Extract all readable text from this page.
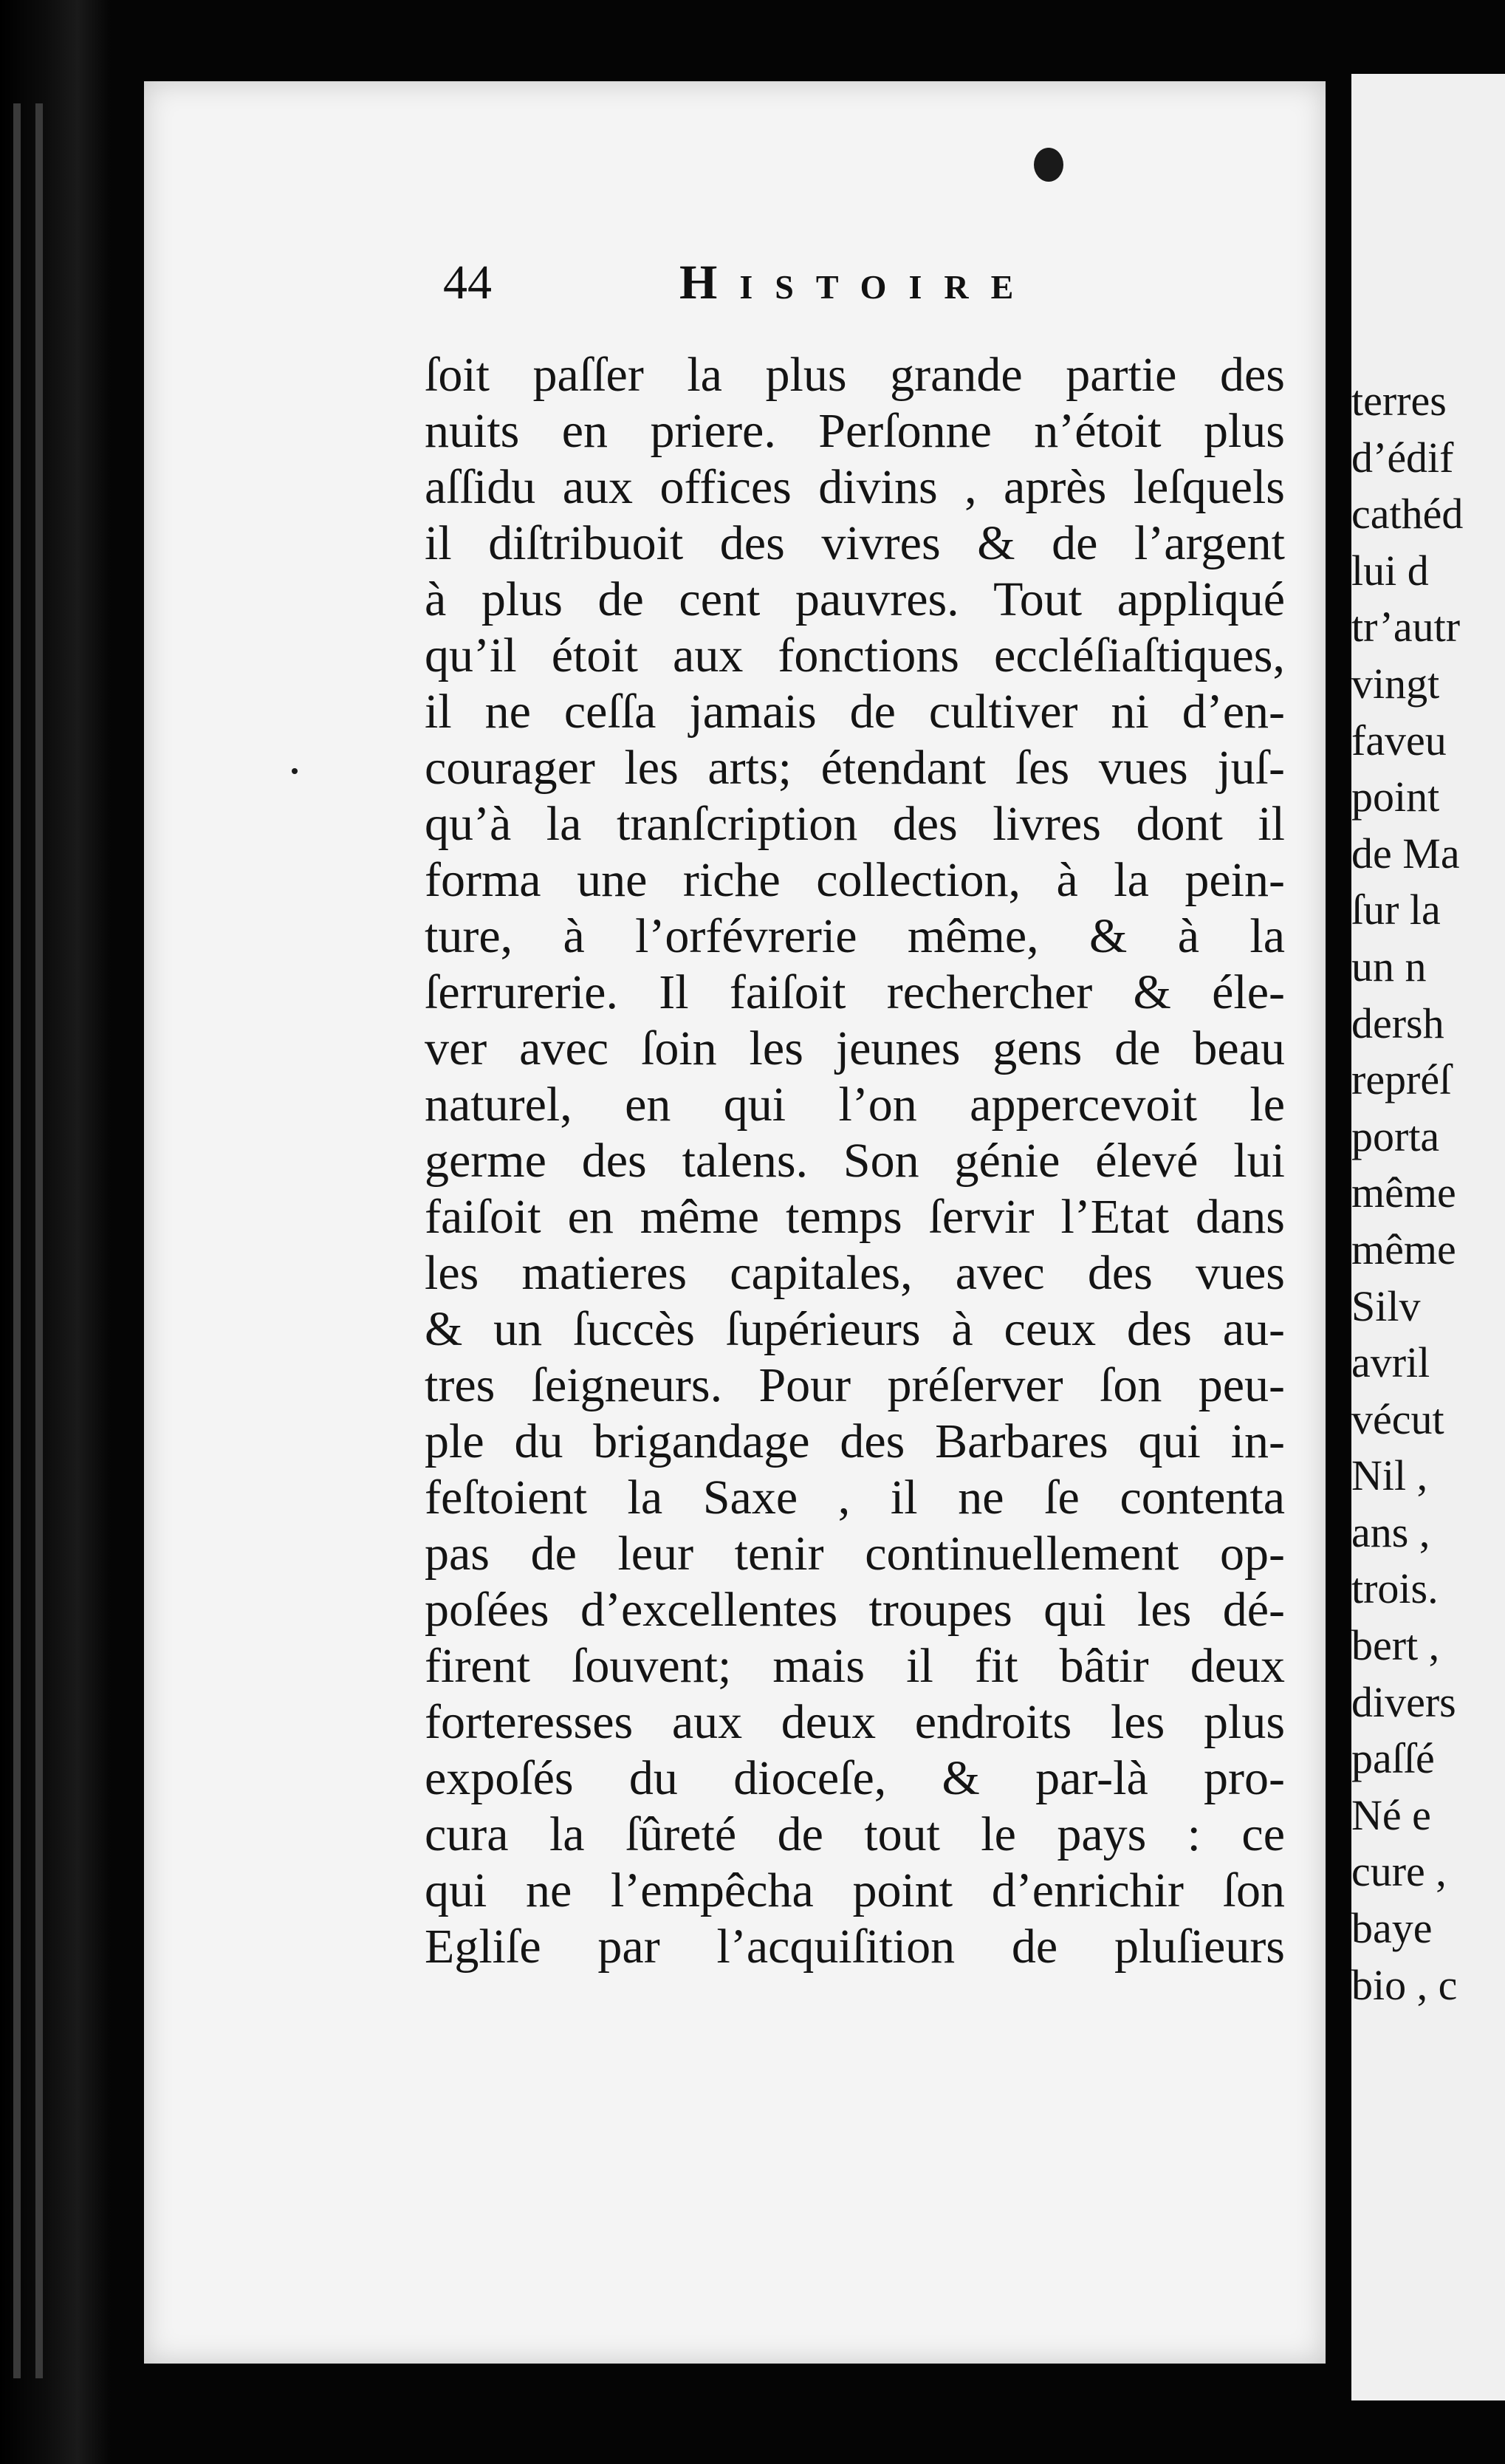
44	Histoire
ſoit paſſer la plus grande partie des
nuits en priere. Perſonne n’étoit plus
aſſidu aux offices divins , après leſquels
il diſtribuoit des vivres & de l’argent
à plus de cent pauvres. Tout appliqué
qu’il étoit aux fonctions eccléſiaſtiques,
il ne ceſſa jamais de cultiver ni d’en-
courager les arts; étendant ſes vues juſ-
qu’à la tranſcription des livres dont il
forma une riche collection, à la pein-
ture, à l’orfévrerie même, & à la
ſerrurerie. Il faiſoit rechercher & éle-
ver avec ſoin les jeunes gens de beau
naturel, en qui l’on appercevoit le
germe des talens. Son génie élevé lui
faiſoit en même temps ſervir l’Etat dans
les matieres capitales, avec des vues
& un ſuccès ſupérieurs à ceux des au-
tres ſeigneurs. Pour préſerver ſon peu-
ple du brigandage des Barbares qui in-
feſtoient la Saxe , il ne ſe contenta
pas de leur tenir continuellement op-
poſées d’excellentes troupes qui les dé-
firent ſouvent; mais il fit bâtir deux
forteresses aux deux endroits les plus
expoſés du dioceſe, & par-là pro-
cura la ſûreté de tout le pays : ce
qui ne l’empêcha point d’enrichir ſon
Egliſe par l’acquiſition de pluſieurs
terres
d’édif
cathéd
lui d
tr’autr
vingt
faveu
point
de Ma
ſur la
un n
dersh
repréſ
porta
même
même
Silv
avril
vécut
Nil ,
ans ,
trois.
bert ,
divers
paſſé
Né e
cure ,
baye
bio , c
